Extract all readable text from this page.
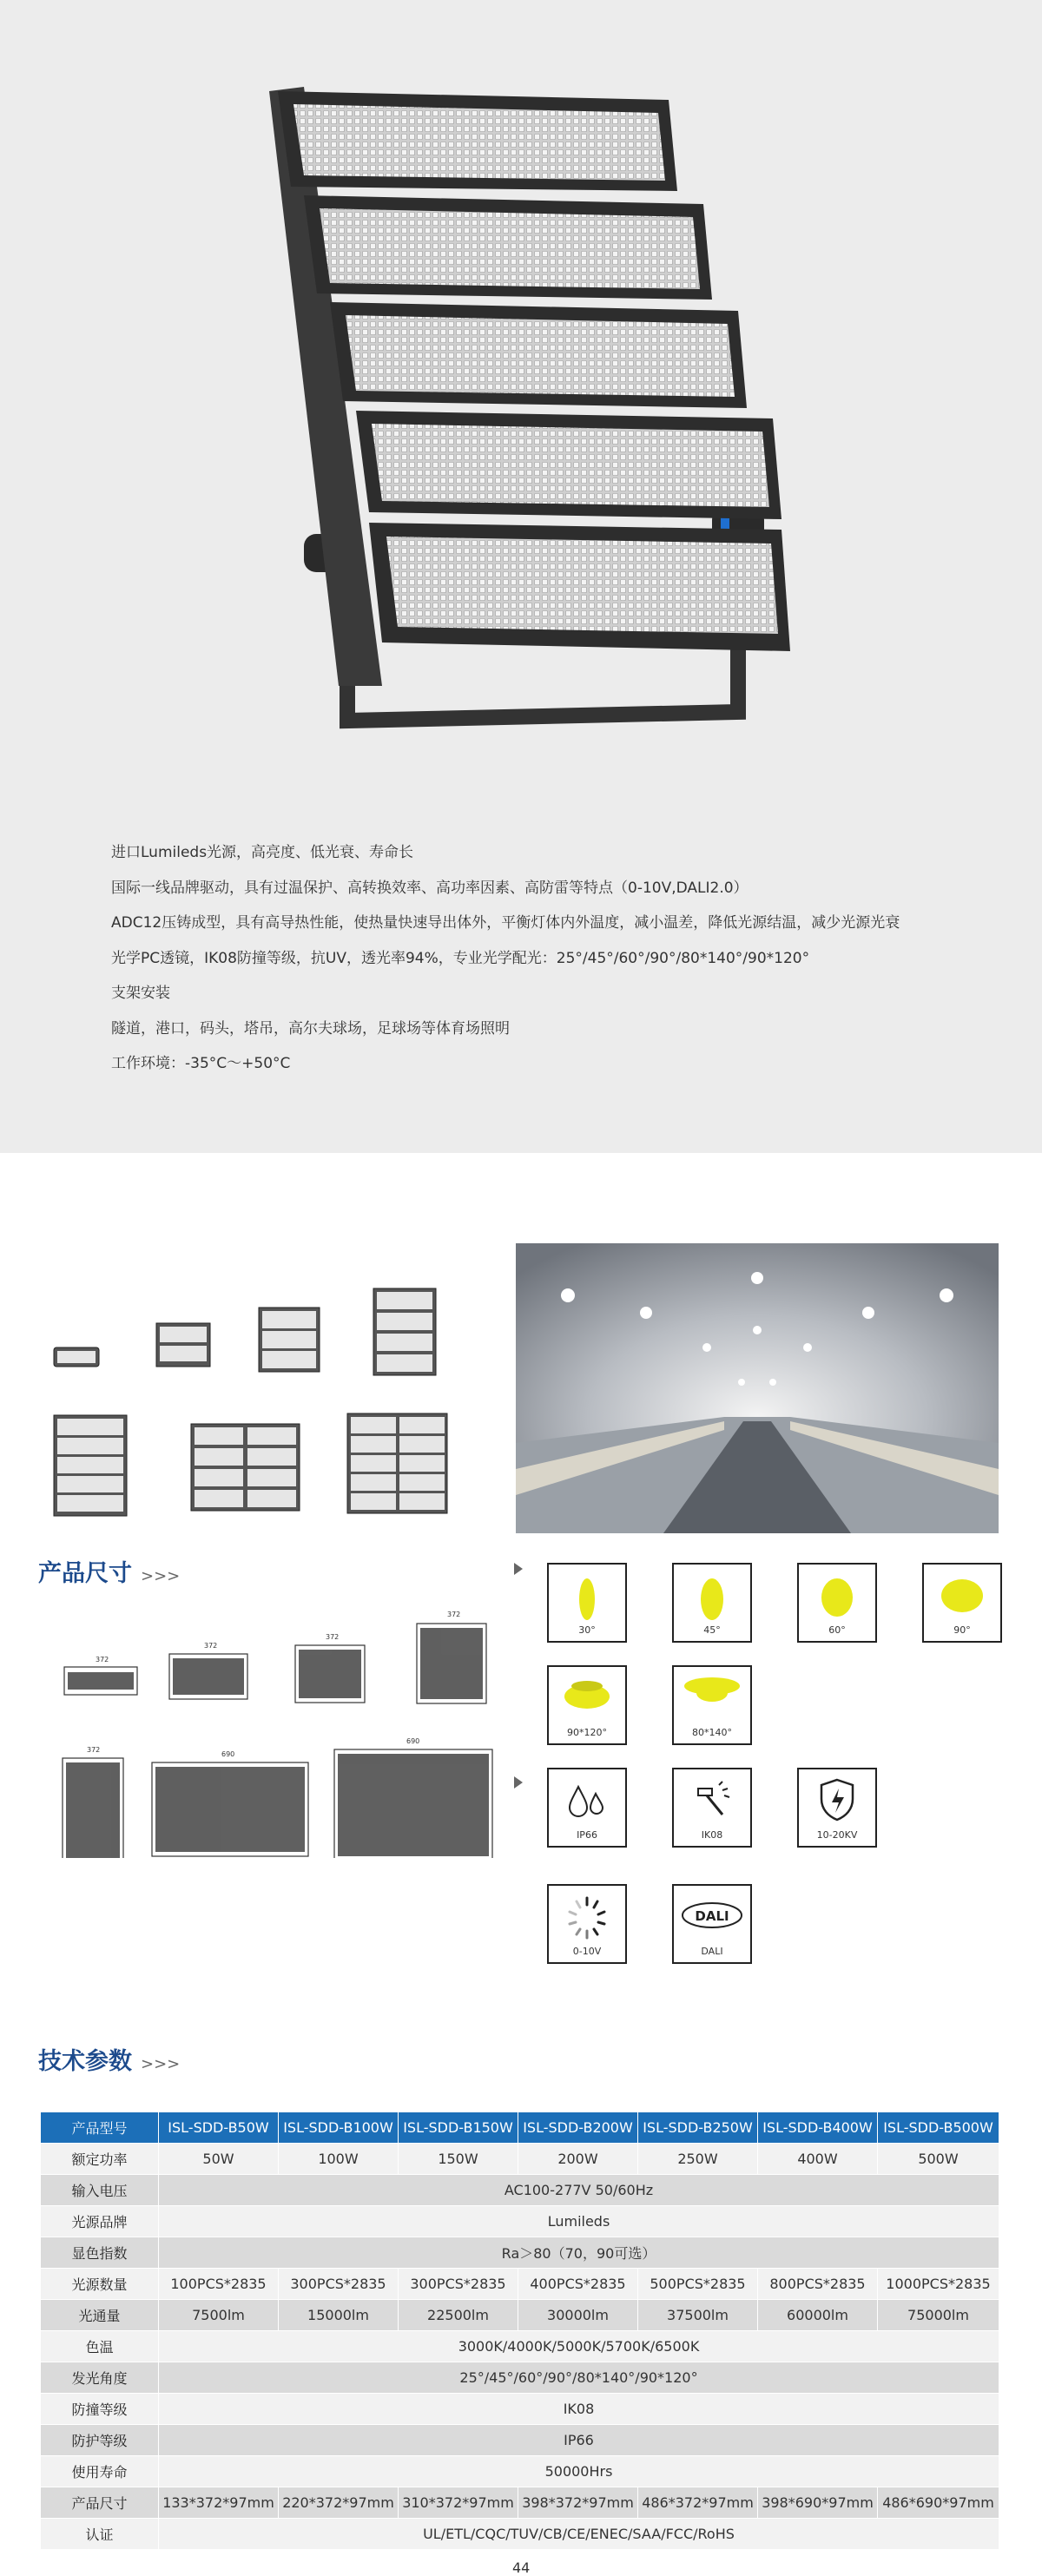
进口Lumileds光源，高亮度、低光衰、寿命长
国际一线品牌驱动，具有过温保护、高转换效率、高功率因素、高防雷等特点（0-10V,DALI2.0）
ADC12压铸成型，具有高导热性能，使热量快速导出体外，平衡灯体内外温度，减小温差，降低光源结温，减少光源光衰
光学PC透镜，IK08防撞等级，抗UV，透光率94%，专业光学配光：25°/45°/60°/90°/80*140°/90*120°
支架安装
隧道，港口，码头，塔吊，高尔夫球场，足球场等体育场照明
工作环境：-35°C～+50°C
产品尺寸 >>>
372
372
372
372
372
690
690
30°	45°	60°	90°
90*120°	80*140°
IP66	IK08	10-20KV
0-10V
DALI
DALI
技术参数 >>>
产品型号	ISL-SDD-B50W	ISL-SDD-B100W	ISL-SDD-B150W	ISL-SDD-B200W	ISL-SDD-B250W	ISL-SDD-B400W	ISL-SDD-B500W
额定功率	50W	100W	150W	200W	250W	400W	500W
输入电压	AC100-277V 50/60Hz						
光源品牌	Lumileds						
显色指数	Ra＞80（70，90可选）						
光源数量	100PCS*2835	300PCS*2835	300PCS*2835	400PCS*2835	500PCS*2835	800PCS*2835	1000PCS*2835
光通量	7500lm	15000lm	22500lm	30000lm	37500lm	60000lm	75000lm
色温	3000K/4000K/5000K/5700K/6500K						
发光角度	25°/45°/60°/90°/80*140°/90*120°						
防撞等级	IK08						
防护等级	IP66						
使用寿命	50000Hrs						
产品尺寸	133*372*97mm	220*372*97mm	310*372*97mm	398*372*97mm	486*372*97mm	398*690*97mm	486*690*97mm
认证	UL/ETL/CQC/TUV/CB/CE/ENEC/SAA/FCC/RoHS						
44
